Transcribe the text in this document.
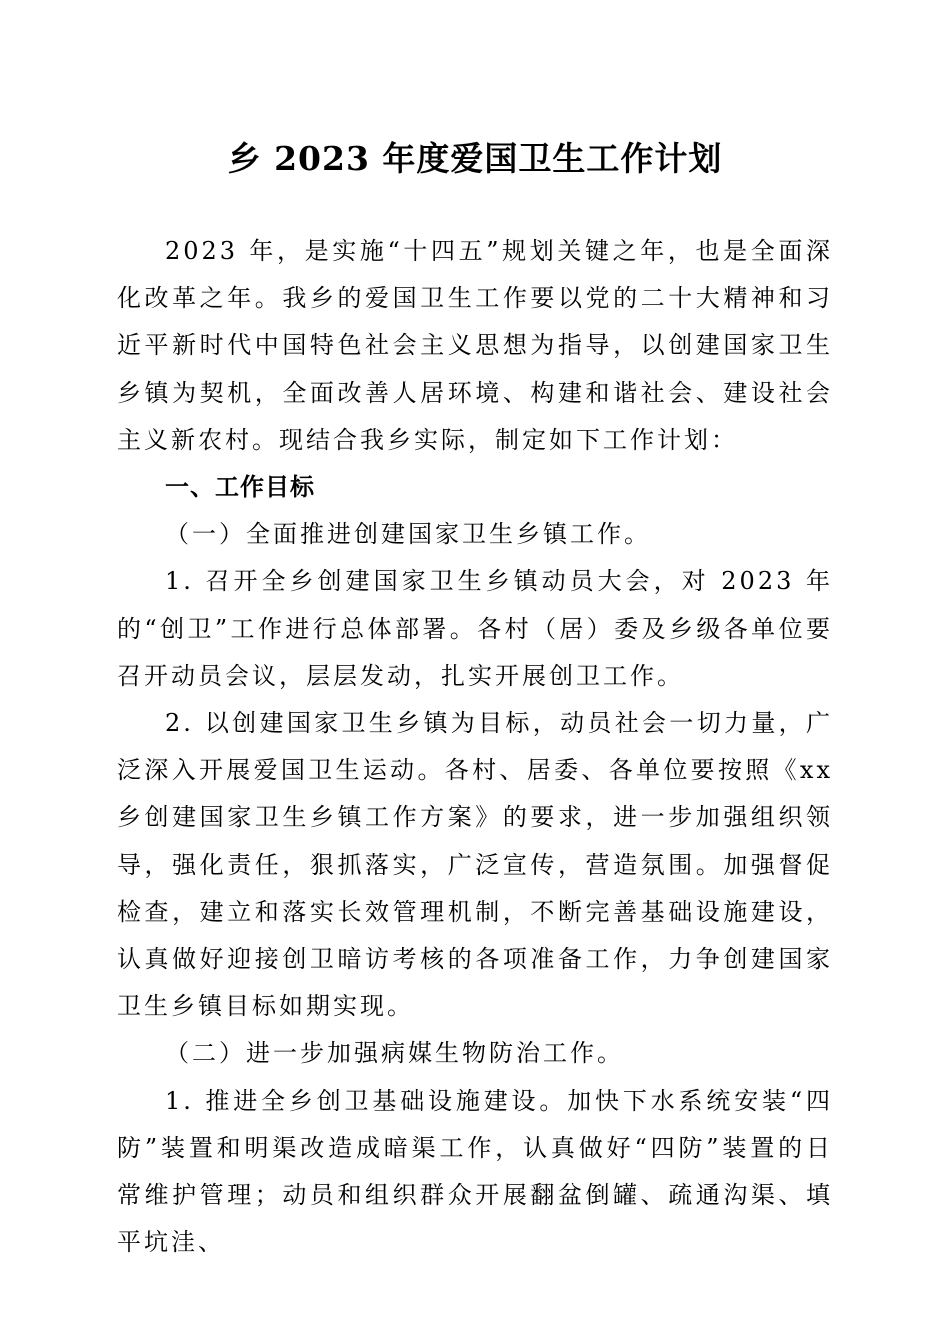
乡 2023 年度爱国卫生工作计划

2023 年，是实施“十四五”规划关键之年，也是全面深化改革之年。我乡的爱国卫生工作要以党的二十大精神和习近平新时代中国特色社会主义思想为指导，以创建国家卫生乡镇为契机，全面改善人居环境、构建和谐社会、建设社会主义新农村。现结合我乡实际，制定如下工作计划：

一、工作目标

（一）全面推进创建国家卫生乡镇工作。

1. 召开全乡创建国家卫生乡镇动员大会，对 2023 年的“创卫”工作进行总体部署。各村（居）委及乡级各单位要召开动员会议，层层发动，扎实开展创卫工作。

2. 以创建国家卫生乡镇为目标，动员社会一切力量，广泛深入开展爱国卫生运动。各村、居委、各单位要按照《xx 乡创建国家卫生乡镇工作方案》的要求，进一步加强组织领导，强化责任，狠抓落实，广泛宣传，营造氛围。加强督促检查，建立和落实长效管理机制，不断完善基础设施建设，认真做好迎接创卫暗访考核的各项准备工作，力争创建国家卫生乡镇目标如期实现。

（二）进一步加强病媒生物防治工作。

1. 推进全乡创卫基础设施建设。加快下水系统安装“四防”装置和明渠改造成暗渠工作，认真做好“四防”装置的日常维护管理；动员和组织群众开展翻盆倒罐、疏通沟渠、填平坑洼、
